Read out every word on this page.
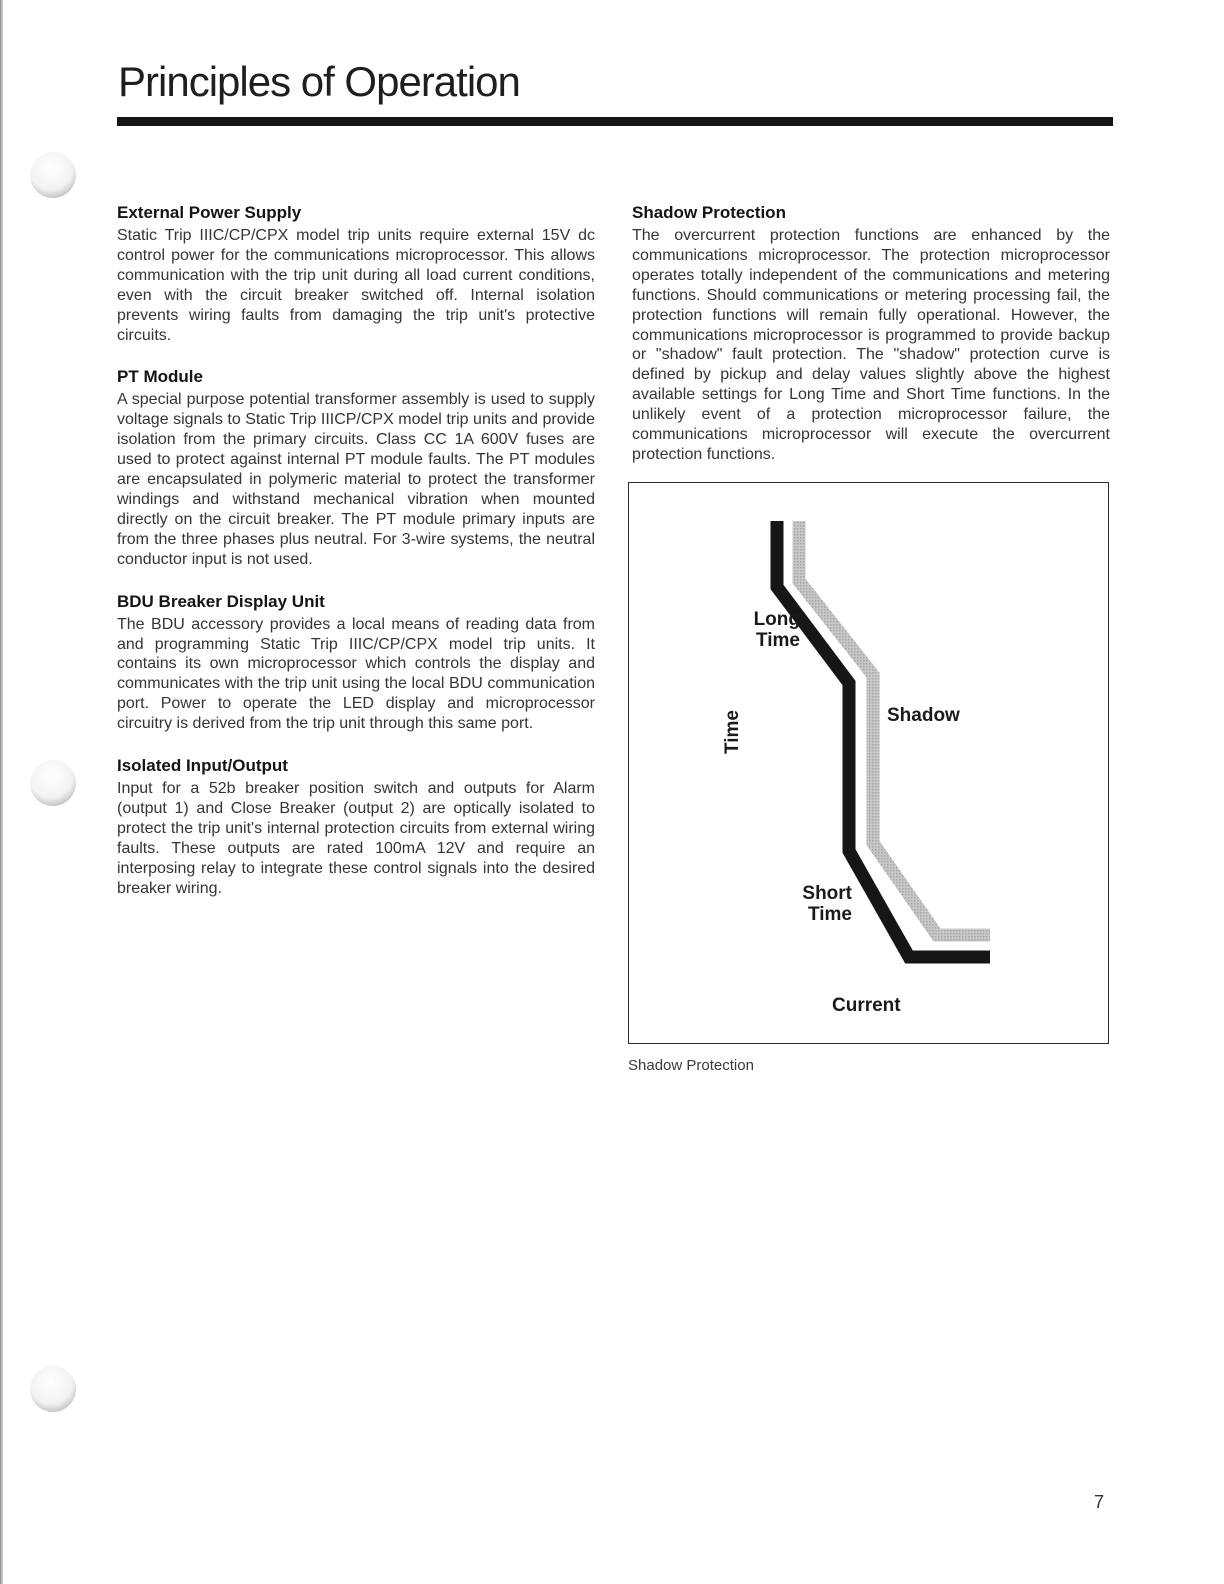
Principles of Operation
External Power Supply

Static Trip IIIC/CP/CPX model trip units require external 15V dc control power for the communications microprocessor. This allows communication with the trip unit during all load current conditions, even with the circuit breaker switched off. Internal isolation prevents wiring faults from damaging the trip unit's protective circuits.

PT Module

A special purpose potential transformer assembly is used to supply voltage signals to Static Trip IIICP/CPX model trip units and provide isolation from the primary circuits. Class CC 1A 600V fuses are used to protect against internal PT module faults. The PT modules are encapsulated in polymeric material to protect the transformer windings and withstand mechanical vibration when mounted directly on the circuit breaker. The PT module primary inputs are from the three phases plus neutral. For 3-wire systems, the neutral conductor input is not used.

BDU Breaker Display Unit

The BDU accessory provides a local means of reading data from and programming Static Trip IIIC/CP/CPX model trip units. It contains its own microprocessor which controls the display and communicates with the trip unit using the local BDU communication port. Power to operate the LED display and microprocessor circuitry is derived from the trip unit through this same port.

Isolated Input/Output

Input for a 52b breaker position switch and outputs for Alarm (output 1) and Close Breaker (output 2) are optically isolated to protect the trip unit's internal protection circuits from external wiring faults. These outputs are rated 100mA 12V and require an interposing relay to integrate these control signals into the desired breaker wiring.

Shadow Protection

The overcurrent protection functions are enhanced by the communications microprocessor. The protection microprocessor operates totally independent of the communications and metering functions. Should communications or metering processing fail, the protection functions will remain fully operational. However, the communications microprocessor is programmed to provide backup or "shadow" fault protection. The "shadow" protection curve is defined by pickup and delay values slightly above the highest available settings for Long Time and Short Time functions. In the unlikely event of a protection microprocessor failure, the communications microprocessor will execute the overcurrent protection functions.

Long
Time
Shadow
Short
Time
Time
Current

Shadow Protection

7
